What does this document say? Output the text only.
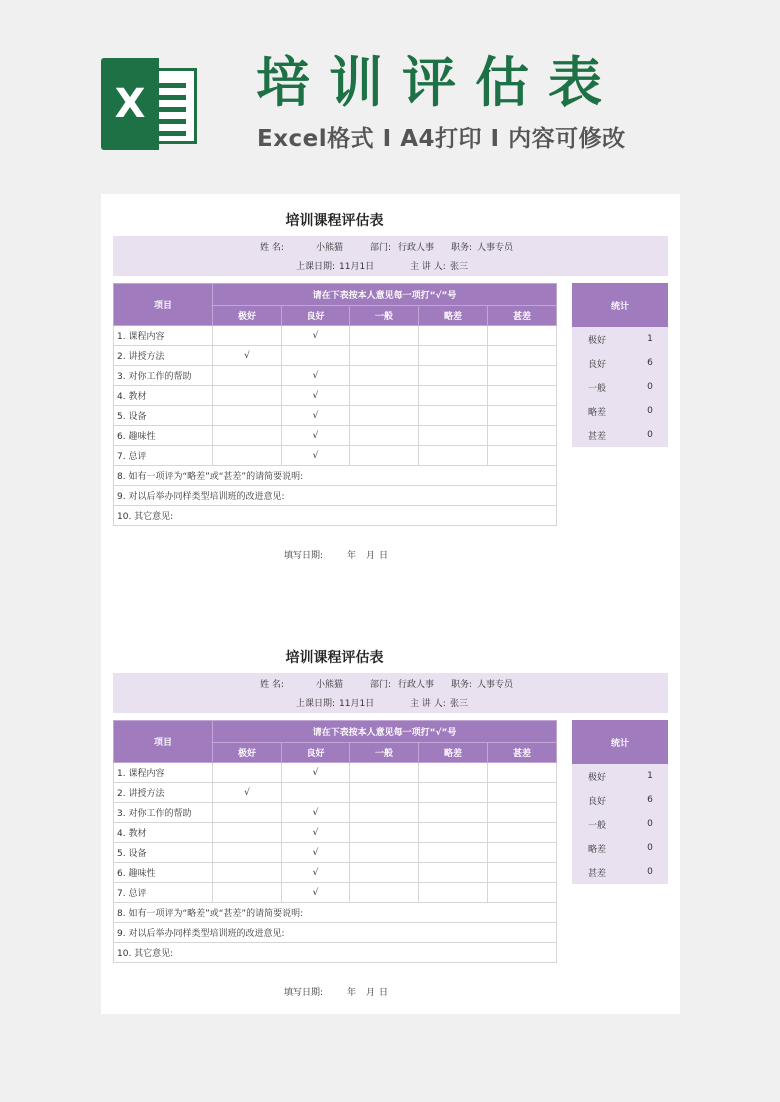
X 培训评估表

Excel格式 I A4打印 I 内容可修改

培训课程评估表
姓 名:	小熊猫	部门: 行政人事 职务: 人事专员
上课日期: 11月1日	主 讲 人: 张三
项目	请在下表按本人意见每一项打“√”号				
	极好	良好	一般	略差	甚差
1. 课程内容		√			
2. 讲授方法	√				
3. 对你工作的帮助		√			
4. 教材		√			
5. 设备		√			
6. 趣味性		√			
7. 总评		√			
8. 如有一项评为“略差”或“甚差”的请简要说明:					
9. 对以后举办同样类型培训班的改进意见:					
10. 其它意见:					
统计	
极好	1
良好	6
一般	0
略差	0
甚差	0
填写日期:	年 月 日
培训课程评估表
姓 名:	小熊猫	部门: 行政人事 职务: 人事专员
上课日期: 11月1日	主 讲 人: 张三
项目	请在下表按本人意见每一项打“√”号				
	极好	良好	一般	略差	甚差
1. 课程内容		√			
2. 讲授方法	√				
3. 对你工作的帮助		√			
4. 教材		√			
5. 设备		√			
6. 趣味性		√			
7. 总评		√			
8. 如有一项评为“略差”或“甚差”的请简要说明:					
9. 对以后举办同样类型培训班的改进意见:					
10. 其它意见:					
统计	
极好	1
良好	6
一般	0
略差	0
甚差	0
填写日期:	年 月 日
